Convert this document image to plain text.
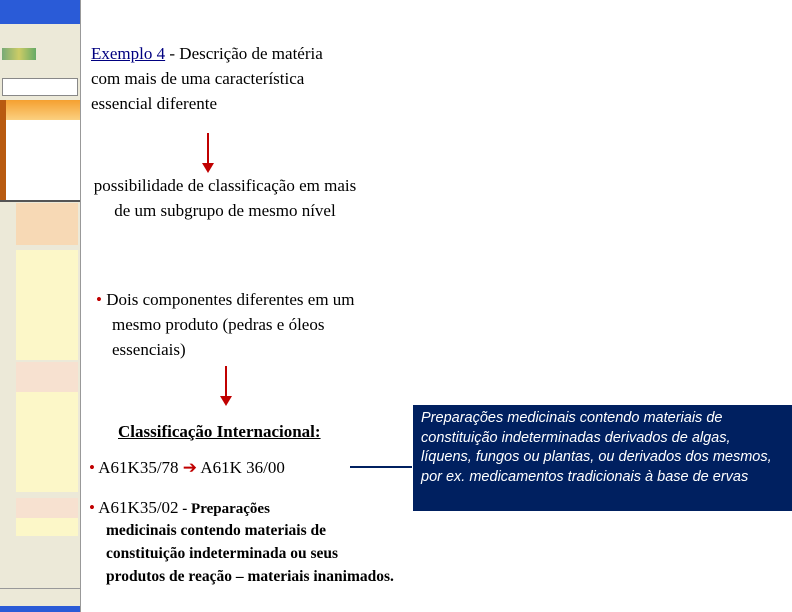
Exemplo 4 - Descrição de matéria com mais de uma característica essencial diferente
possibilidade de classificação em mais de um subgrupo de mesmo nível
• Dois componentes diferentes em um mesmo produto (pedras e óleos essenciais)
Classificação Internacional:
• A61K35/78 ➔ A61K 36/00
• A61K35/02 - Preparações
medicinais contendo materiais de constituição indeterminada ou seus produtos de reação – materiais inanimados.
Preparações medicinais contendo materiais de constituição indeterminadas derivados de algas, líquens, fungos ou plantas, ou derivados dos mesmos, por ex. medicamentos tradicionais à base de ervas
